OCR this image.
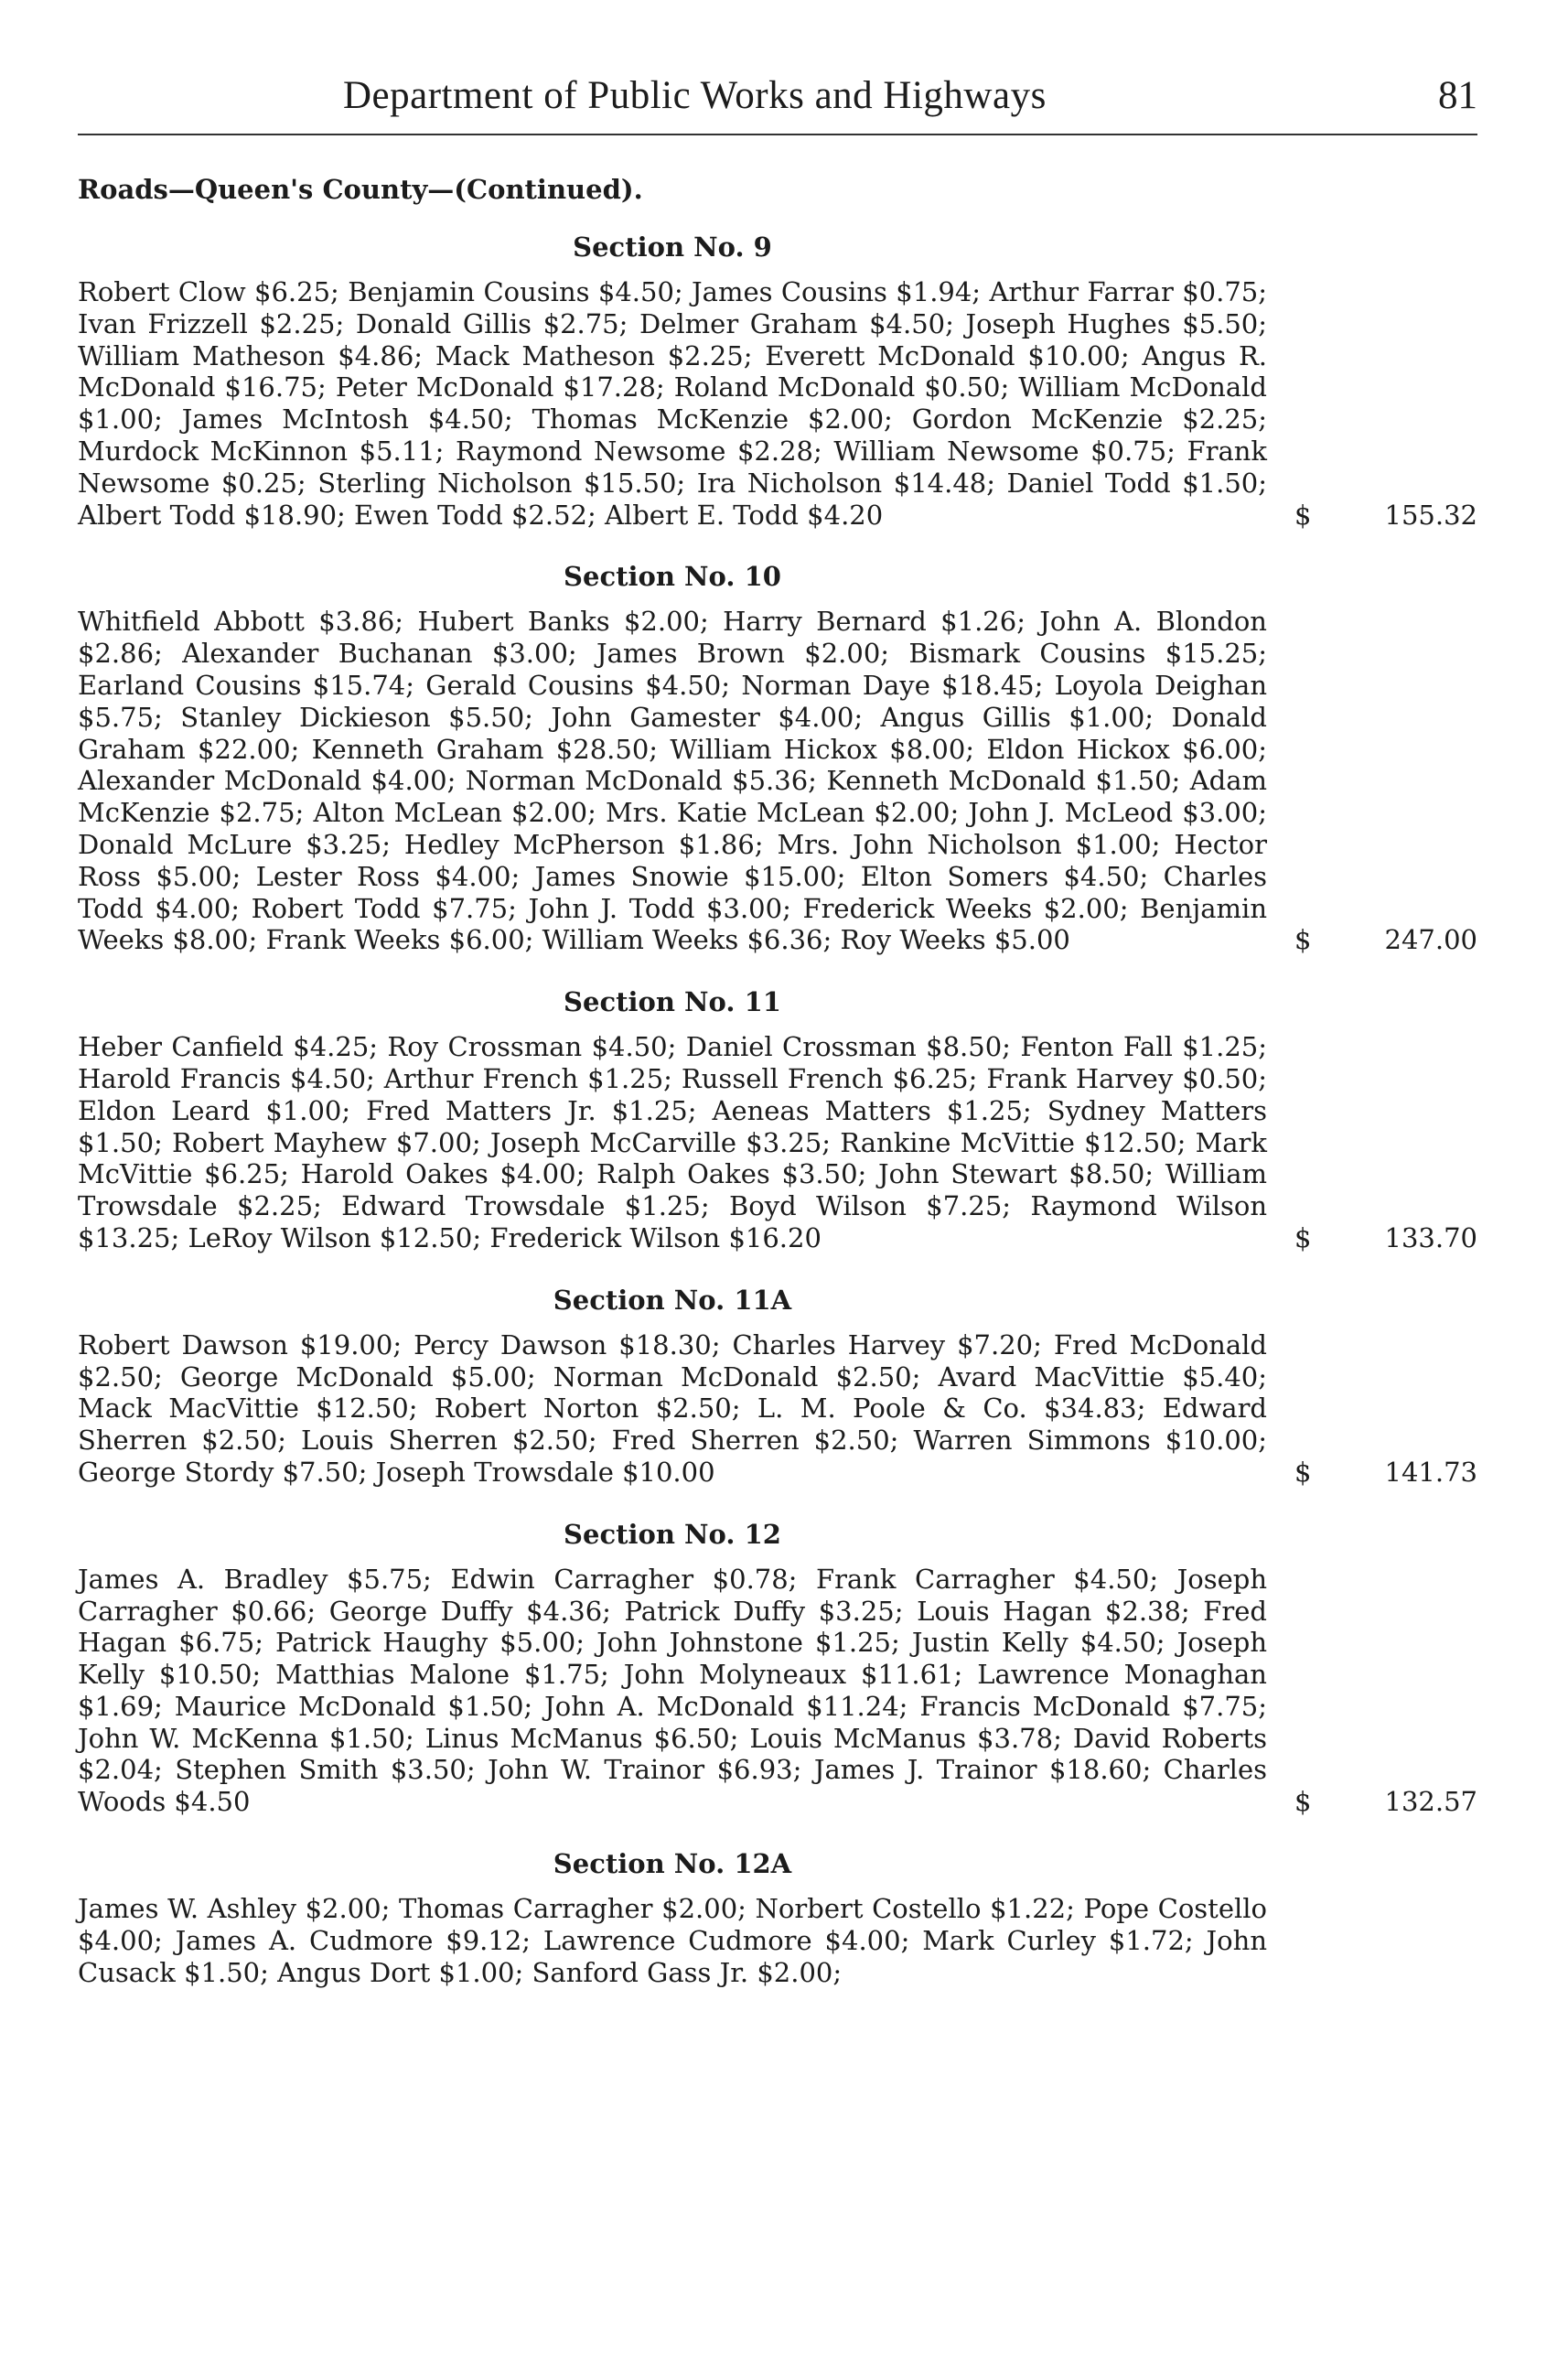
Department of Public Works and Highways	81

Roads—Queen's County—(Continued).

Section No. 9

Robert Clow $6.25; Benjamin Cousins $4.50; James Cousins $1.94; Arthur Farrar $0.75; Ivan Frizzell $2.25; Donald Gillis $2.75; Delmer Graham $4.50; Joseph Hughes $5.50; William Matheson $4.86; Mack Matheson $2.25; Everett McDonald $10.00; Angus R. McDonald $16.75; Peter McDonald $17.28; Roland McDonald $0.50; William McDonald $1.00; James McIntosh $4.50; Thomas McKenzie $2.00; Gordon McKenzie $2.25; Murdock McKinnon $5.11; Raymond Newsome $2.28; William Newsome $0.75; Frank Newsome $0.25; Sterling Nicholson $15.50; Ira Nicholson $14.48; Daniel Todd $1.50; Albert Todd $18.90; Ewen Todd $2.52; Albert E. Todd $4.20	$	155.32

Section No. 10

Whitfield Abbott $3.86; Hubert Banks $2.00; Harry Bernard $1.26; John A. Blondon $2.86; Alexander Buchanan $3.00; James Brown $2.00; Bismark Cousins $15.25; Earland Cousins $15.74; Gerald Cousins $4.50; Norman Daye $18.45; Loyola Deighan $5.75; Stanley Dickieson $5.50; John Gamester $4.00; Angus Gillis $1.00; Donald Graham $22.00; Kenneth Graham $28.50; William Hickox $8.00; Eldon Hickox $6.00; Alexander McDonald $4.00; Norman McDonald $5.36; Kenneth McDonald $1.50; Adam McKenzie $2.75; Alton McLean $2.00; Mrs. Katie McLean $2.00; John J. McLeod $3.00; Donald McLure $3.25; Hedley McPherson $1.86; Mrs. John Nicholson $1.00; Hector Ross $5.00; Lester Ross $4.00; James Snowie $15.00; Elton Somers $4.50; Charles Todd $4.00; Robert Todd $7.75; John J. Todd $3.00; Frederick Weeks $2.00; Benjamin Weeks $8.00; Frank Weeks $6.00; William Weeks $6.36; Roy Weeks $5.00	$	247.00

Section No. 11

Heber Canfield $4.25; Roy Crossman $4.50; Daniel Crossman $8.50; Fenton Fall $1.25; Harold Francis $4.50; Arthur French $1.25; Russell French $6.25; Frank Harvey $0.50; Eldon Leard $1.00; Fred Matters Jr. $1.25; Aeneas Matters $1.25; Sydney Matters $1.50; Robert Mayhew $7.00; Joseph McCarville $3.25; Rankine McVittie $12.50; Mark McVittie $6.25; Harold Oakes $4.00; Ralph Oakes $3.50; John Stewart $8.50; William Trowsdale $2.25; Edward Trowsdale $1.25; Boyd Wilson $7.25; Raymond Wilson $13.25; LeRoy Wilson $12.50; Frederick Wilson $16.20	$	133.70

Section No. 11A

Robert Dawson $19.00; Percy Dawson $18.30; Charles Harvey $7.20; Fred McDonald $2.50; George McDonald $5.00; Norman McDonald $2.50; Avard MacVittie $5.40; Mack MacVittie $12.50; Robert Norton $2.50; L. M. Poole & Co. $34.83; Edward Sherren $2.50; Louis Sherren $2.50; Fred Sherren $2.50; Warren Simmons $10.00; George Stordy $7.50; Joseph Trowsdale $10.00	$	141.73

Section No. 12

James A. Bradley $5.75; Edwin Carragher $0.78; Frank Carragher $4.50; Joseph Carragher $0.66; George Duffy $4.36; Patrick Duffy $3.25; Louis Hagan $2.38; Fred Hagan $6.75; Patrick Haughy $5.00; John Johnstone $1.25; Justin Kelly $4.50; Joseph Kelly $10.50; Matthias Malone $1.75; John Molyneaux $11.61; Lawrence Monaghan $1.69; Maurice McDonald $1.50; John A. McDonald $11.24; Francis McDonald $7.75; John W. McKenna $1.50; Linus McManus $6.50; Louis McManus $3.78; David Roberts $2.04; Stephen Smith $3.50; John W. Trainor $6.93; James J. Trainor $18.60; Charles Woods $4.50	$	132.57

Section No. 12A

James W. Ashley $2.00; Thomas Carragher $2.00; Norbert Costello $1.22; Pope Costello $4.00; James A. Cudmore $9.12; Lawrence Cudmore $4.00; Mark Curley $1.72; John Cusack $1.50; Angus Dort $1.00; Sanford Gass Jr. $2.00;
